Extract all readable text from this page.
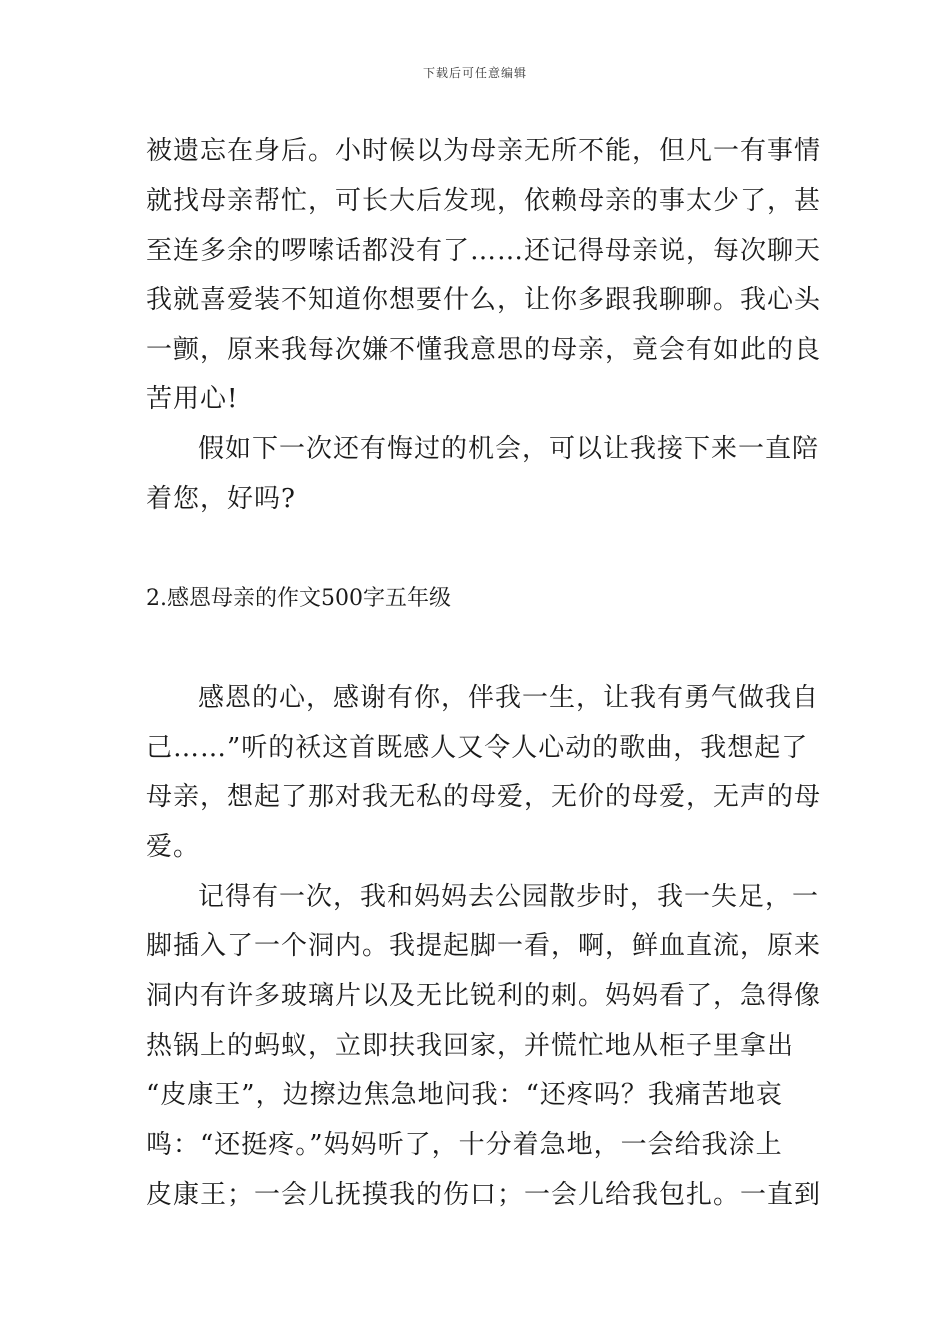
下载后可任意编辑
被遗忘在身后。小时候以为母亲无所不能，但凡一有事情
就找母亲帮忙，可长大后发现，依赖母亲的事太少了，甚
至连多余的啰嗦话都没有了……还记得母亲说，每次聊天
我就喜爱装不知道你想要什么，让你多跟我聊聊。我心头
一颤，原来我每次嫌不懂我意思的母亲，竟会有如此的良
苦用心!
假如下一次还有悔过的机会，可以让我接下来一直陪
着您，好吗?
2.感恩母亲的作文500字五年级
感恩的心，感谢有你，伴我一生，让我有勇气做我自
己……”听的袄这首既感人又令人心动的歌曲，我想起了
母亲，想起了那对我无私的母爱，无价的母爱，无声的母
爱。
记得有一次，我和妈妈去公园散步时，我一失足，一
脚插入了一个洞内。我提起脚一看，啊，鲜血直流，原来
洞内有许多玻璃片以及无比锐利的刺。妈妈看了，急得像
热锅上的蚂蚁，立即扶我回家，并慌忙地从柜子里拿出
“皮康王”，边擦边焦急地问我：“还疼吗？我痛苦地哀
鸣：“还挺疼。”妈妈听了，十分着急地，一会给我涂上
皮康王；一会儿抚摸我的伤口；一会儿给我包扎。一直到
